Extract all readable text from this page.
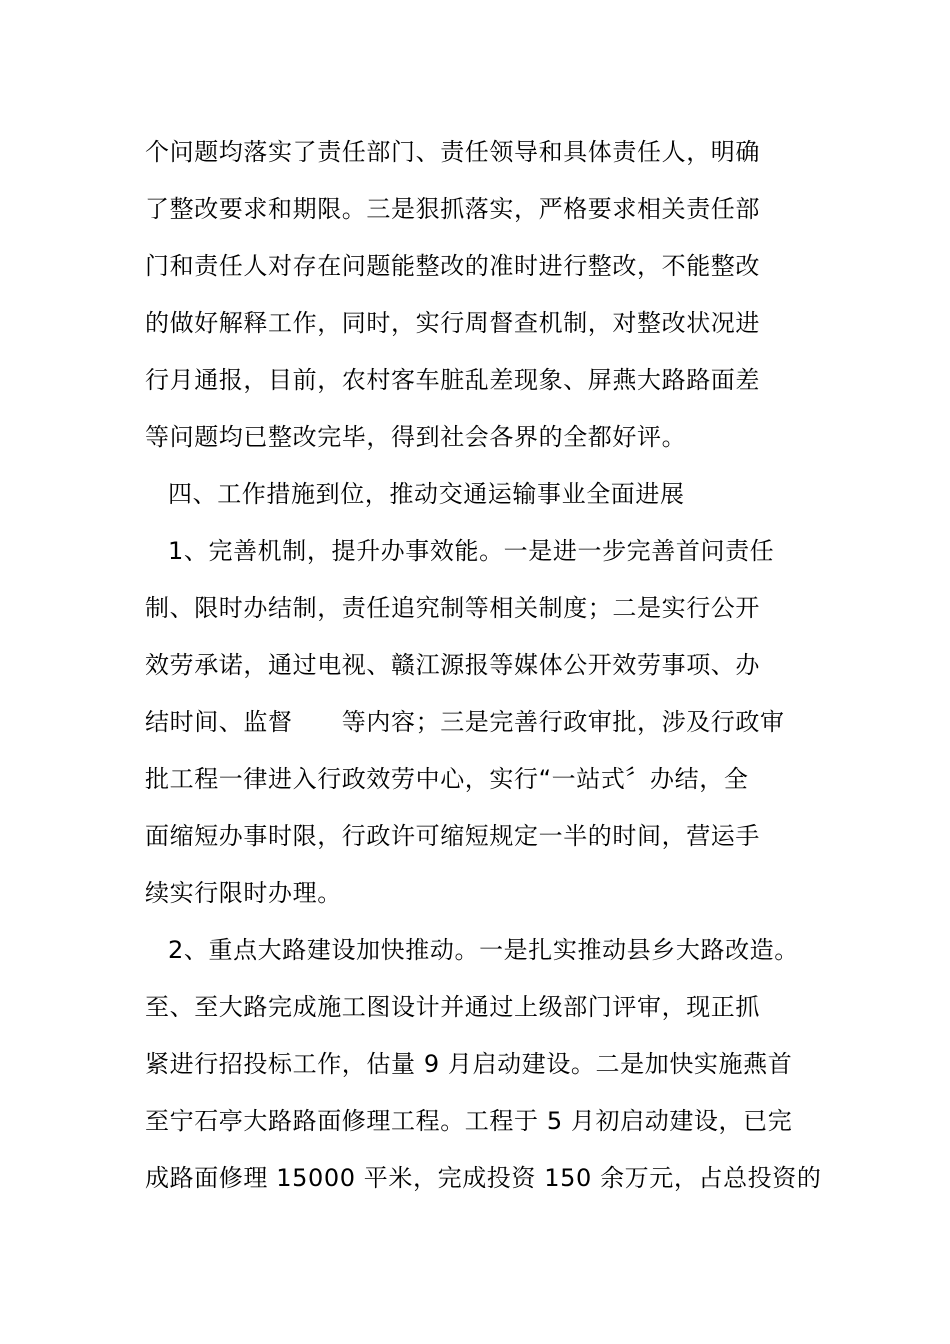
个问题均落实了责任部门、责任领导和具体责任人，明确
了整改要求和期限。三是狠抓落实，严格要求相关责任部
门和责任人对存在问题能整改的准时进行整改，不能整改
的做好解释工作，同时，实行周督查机制，对整改状况进
行月通报，目前，农村客车脏乱差现象、屏燕大路路面差
等问题均已整改完毕，得到社会各界的全都好评。
四、工作措施到位，推动交通运输事业全面进展
1、完善机制，提升办事效能。一是进一步完善首问责任
制、限时办结制，责任追究制等相关制度；二是实行公开
效劳承诺，通过电视、赣江源报等媒体公开效劳事项、办
结时间、监督　　等内容；三是完善行政审批，涉及行政审
批工程一律进入行政效劳中心，实行“一站式〞办结，全
面缩短办事时限，行政许可缩短规定一半的时间，营运手
续实行限时办理。
2、重点大路建设加快推动。一是扎实推动县乡大路改造。
至、至大路完成施工图设计并通过上级部门评审，现正抓
紧进行招投标工作，估量 9 月启动建设。二是加快实施燕首
至宁石亭大路路面修理工程。工程于 5 月初启动建设，已完
成路面修理 15000 平米，完成投资 150 余万元，占总投资的
